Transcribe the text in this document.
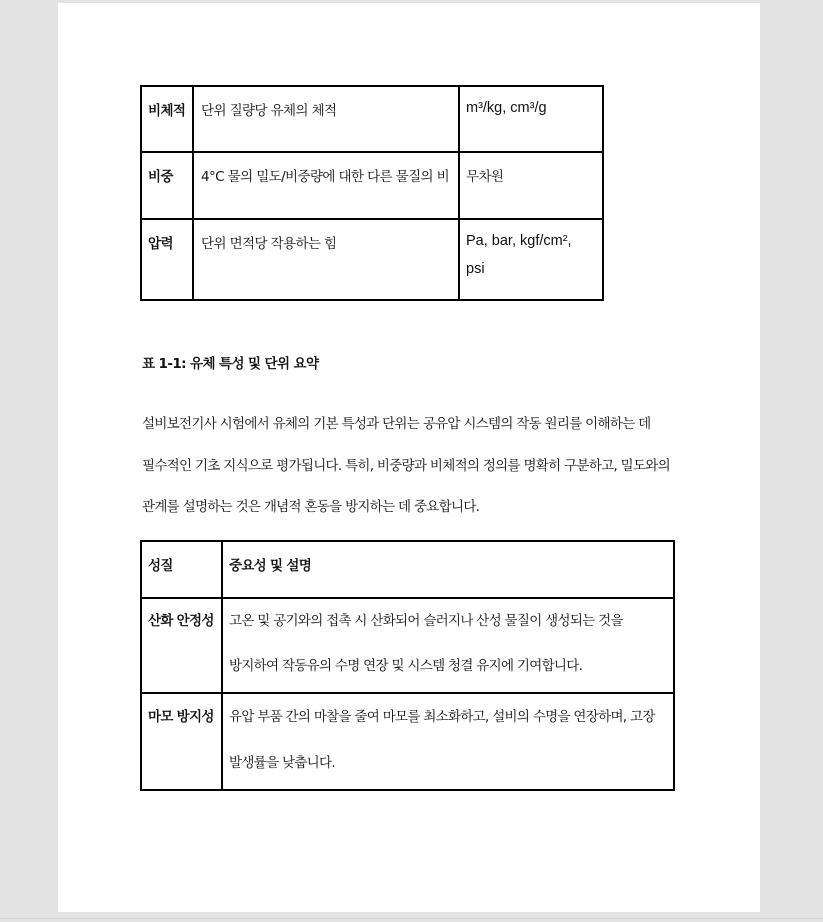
비체적	단위 질량당 유체의 체적	m³/kg, cm³/g
비중	4°C 물의 밀도/비중량에 대한 다른 물질의 비	무차원
압력	단위 면적당 작용하는 힘	Pa, bar, kgf/cm²,
psi
표 1-1: 유체 특성 및 단위 요약
설비보전기사 시험에서 유체의 기본 특성과 단위는 공유압 시스템의 작동 원리를 이해하는 데
필수적인 기초 지식으로 평가됩니다. 특히, 비중량과 비체적의 정의를 명확히 구분하고, 밀도와의
관계를 설명하는 것은 개념적 혼동을 방지하는 데 중요합니다.
성질	중요성 및 설명
산화 안정성	고온 및 공기와의 접촉 시 산화되어 슬러지나 산성 물질이 생성되는 것을
방지하여 작동유의 수명 연장 및 시스템 청결 유지에 기여합니다.

마모 방지성	유압 부품 간의 마찰을 줄여 마모를 최소화하고, 설비의 수명을 연장하며, 고장
발생률을 낮춥니다.
